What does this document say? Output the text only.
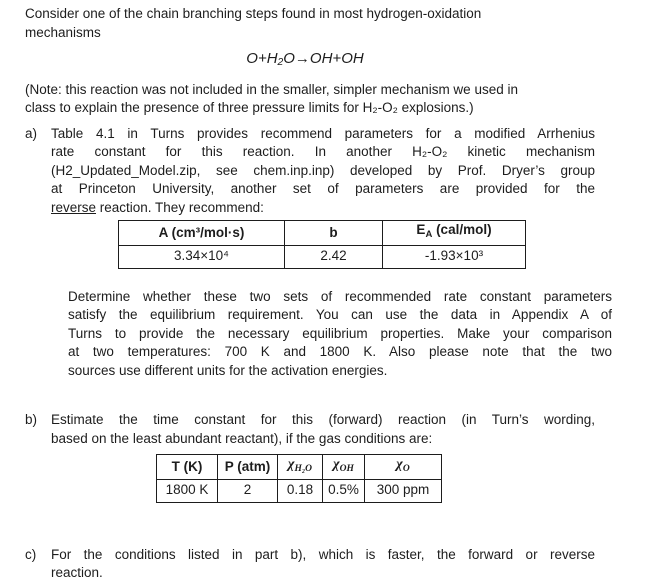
Consider one of the chain branching steps found in most hydrogen-oxidation
mechanisms
O+H₂O→OH+OH
(Note: this reaction was not included in the smaller, simpler mechanism we used in
class to explain the presence of three pressure limits for H₂-O₂ explosions.)
a)	Table 4.1 in Turns provides recommend parameters for a modified Arrhenius
rate constant for this reaction. In another H₂-O₂ kinetic mechanism
(H2_Updated_Model.zip, see chem.inp.inp) developed by Prof. Dryer’s group
at Princeton University, another set of parameters are provided for the
reverse reaction. They recommend:
A (cm³/mol·s)	b	$E_A$ (cal/mol)
3.34×10⁴	2.42	-1.93×10³
Determine whether these two sets of recommended rate constant parameters
satisfy the equilibrium requirement. You can use the data in Appendix A of
Turns to provide the necessary equilibrium properties. Make your comparison
at two temperatures: 700 K and 1800 K. Also please note that the two
sources use different units for the activation energies.
b)	Estimate the time constant for this (forward) reaction (in Turn’s wording,
based on the least abundant reactant), if the gas conditions are:
T (K)	P (atm)	$\chi_{H_2O}$	$\chi_{OH}$	$\chi_O$
1800 K	2	0.18	0.5%	300 ppm
c)	For the conditions listed in part b), which is faster, the forward or reverse
reaction.
